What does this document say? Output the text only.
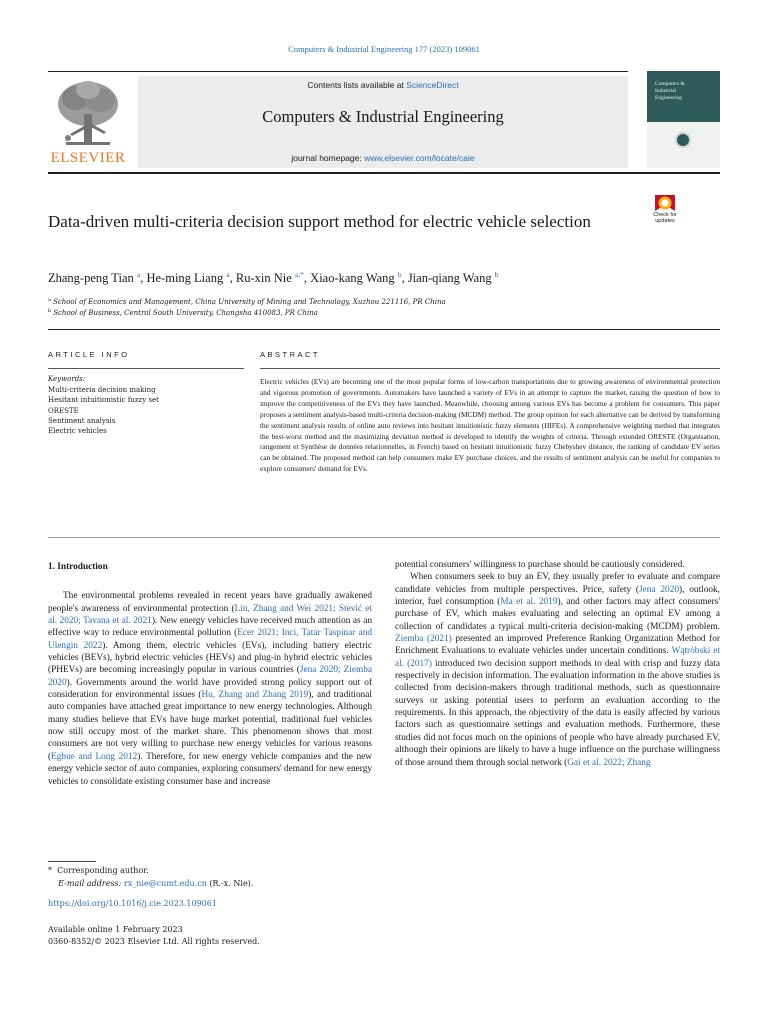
Computers & Industrial Engineering 177 (2023) 109061
ELSEVIER
Contents lists available at ScienceDirect
Computers & Industrial Engineering
journal homepage: www.elsevier.com/locate/caie
Computers &
Industrial
Engineering
Check for updates
Data-driven multi-criteria decision support method for electric vehicle selection
Zhang-peng Tian $^a$, He-ming Liang $^a$, Ru-xin Nie $^{a,*}$, Xiao-kang Wang $^b$, Jian-qiang Wang $^b$
$^a$ School of Economics and Management, China University of Mining and Technology, Xuzhou 221116, PR China
$^b$ School of Business, Central South University, Changsha 410083, PR China
ARTICLE INFO
Keywords:
Multi-criteria decision making
Hesitant intuitionistic fuzzy set
ORESTE
Sentiment analysis
Electric vehicles
ABSTRACT
Electric vehicles (EVs) are becoming one of the most popular forms of low-carbon transportations due to growing awareness of environmental protection and vigorous promotion of governments. Automakers have launched a variety of EVs in an attempt to capture the market, raising the question of how to improve the competitiveness of the EVs they have launched. Meanwhile, choosing among various EVs has become a problem for consumers. This paper proposes a sentiment analysis-based multi-criteria decision-making (MCDM) method. The group opinion for each alternative can be derived by transforming the sentiment analysis results of online auto reviews into hesitant intuitionistic fuzzy elements (HIFEs). A comprehensive weighting method that integrates the best-worst method and the maximizing deviation method is developed to identify the weights of criteria. Through extended ORESTE (Organisation, rangement et Synthèse de données relarionnelles, in French) based on hesitant intuitionistic fuzzy Chebyshev distance, the ranking of candidate EV series can be obtained. The proposed method can help consumers make EV purchase choices, and the results of sentiment analysis can be useful for companies to explore consumers' demand for EVs.
1. Introduction

The environmental problems revealed in recent years have gradually awakened people's awareness of environmental protection (Lin, Zhang and Wei 2021; Stević et al. 2020; Tavana et al. 2021). New energy vehicles have received much attention as an effective way to reduce environmental pollution (Ecer 2021; Inci, Tatar Taspinar and Ulengin 2022). Among them, electric vehicles (EVs), including battery electric vehicles (BEVs), hybrid electric vehicles (HEVs) and plug-in hybrid electric vehicles (PHEVs) are becoming increasingly popular in various countries (Jena 2020; Ziemba 2020). Governments around the world have provided strong policy support out of consideration for environmental issues (Hu, Zhang and Zhang 2019), and traditional auto companies have attached great importance to new energy technologies. Although many studies believe that EVs have huge market potential, traditional fuel vehicles now still occupy most of the market share. This phenomenon shows that most consumers are not very willing to purchase new energy vehicles for various reasons (Egbue and Long 2012). Therefore, for new energy vehicle companies and the new energy vehicle sector of auto companies, exploring consumers' demand for new energy vehicles to consolidate existing consumer base and increase

potential consumers' willingness to purchase should be cautiously considered.

When consumers seek to buy an EV, they usually prefer to evaluate and compare candidate vehicles from multiple perspectives. Price, safety (Jena 2020), outlook, interior, fuel consumption (Ma et al. 2019), and other factors may affect consumers' purchase of EV, which makes evaluating and selecting an optimal EV among a collection of candidates a typical multi-criteria decision-making (MCDM) problem. Ziemba (2021) presented an improved Preference Ranking Organization Method for Enrichment Evaluations to evaluate vehicles under uncertain conditions. Wątróbski et al. (2017) introduced two decision support methods to deal with crisp and fuzzy data respectively in decision information. The evaluation information in the above studies is collected from decision-makers through traditional methods, such as questionnaire surveys or asking potential users to perform an evaluation according to the requirements. In this approach, the objectivity of the data is easily affected by various factors such as questionnaire settings and evaluation methods. Furthermore, these studies did not focus much on the opinions of people who have already purchased EV, although their opinions are likely to have a huge influence on the purchase willingness of those around them through social network (Gai et al. 2022; Zhang

* Corresponding author.
E-mail address: rx_nie@cumt.edu.cn (R.-x. Nie).
https://doi.org/10.1016/j.cie.2023.109061
Available online 1 February 2023
0360-8352/© 2023 Elsevier Ltd. All rights reserved.
